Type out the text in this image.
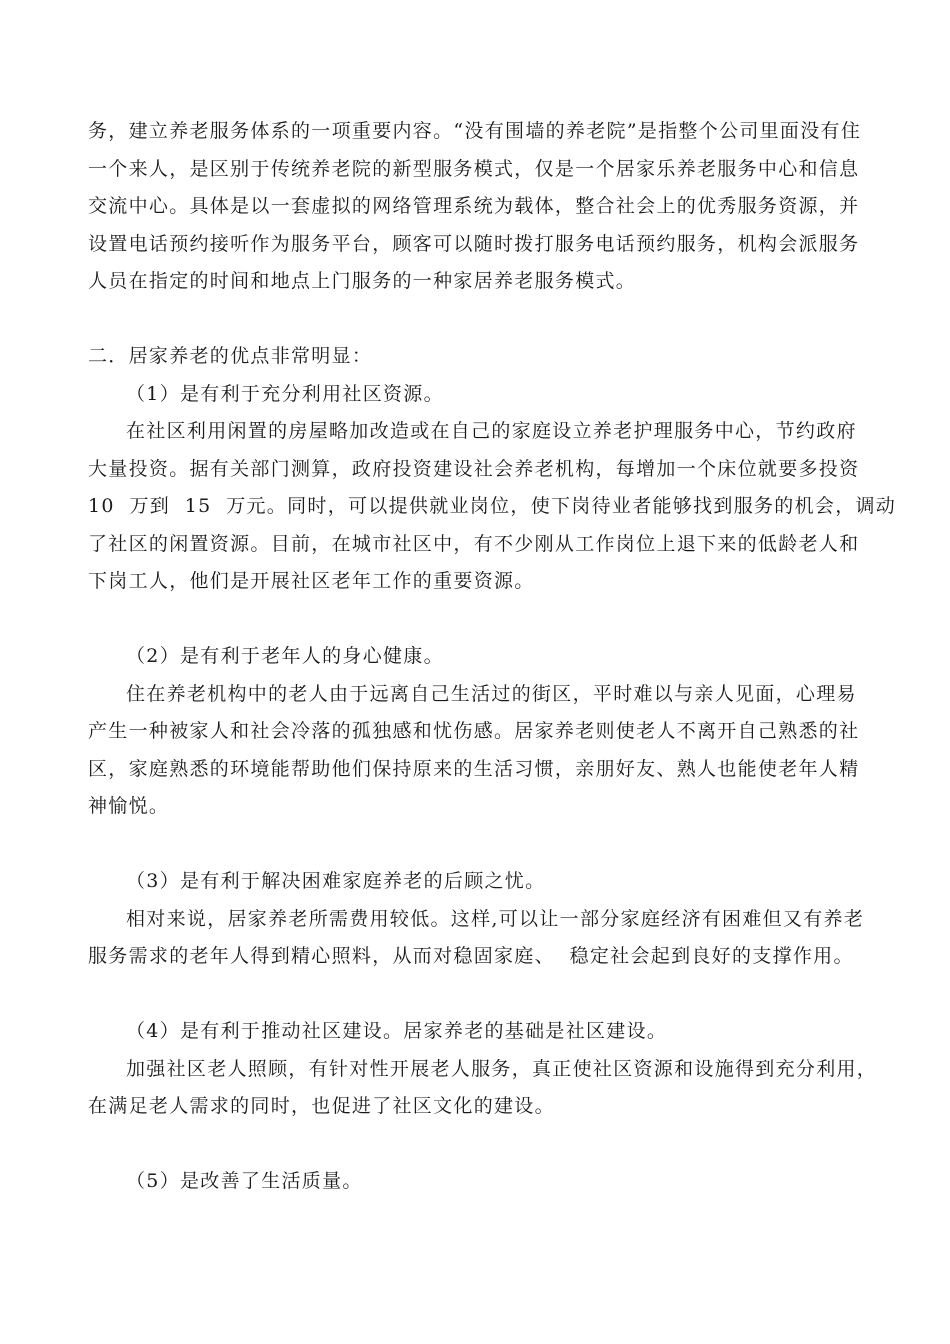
务，建立养老服务体系的一项重要内容。“没有围墙的养老院”是指整个公司里面没有住
一个来人，是区别于传统养老院的新型服务模式，仅是一个居家乐养老服务中心和信息
交流中心。具体是以一套虚拟的网络管理系统为载体，整合社会上的优秀服务资源，并
设置电话预约接听作为服务平台，顾客可以随时拨打服务电话预约服务，机构会派服务
人员在指定的时间和地点上门服务的一种家居养老服务模式。
二．居家养老的优点非常明显：
（1）是有利于充分利用社区资源。
在社区利用闲置的房屋略加改造或在自己的家庭设立养老护理服务中心，节约政府
大量投资。据有关部门测算，政府投资建设社会养老机构，每增加一个床位就要多投资
10  万到  15  万元。同时，可以提供就业岗位，使下岗待业者能够找到服务的机会，调动
了社区的闲置资源。目前，在城市社区中，有不少刚从工作岗位上退下来的低龄老人和
下岗工人，他们是开展社区老年工作的重要资源。
（2）是有利于老年人的身心健康。
住在养老机构中的老人由于远离自己生活过的街区，平时难以与亲人见面，心理易
产生一种被家人和社会冷落的孤独感和忧伤感。居家养老则使老人不离开自己熟悉的社
区，家庭熟悉的环境能帮助他们保持原来的生活习惯，亲朋好友、熟人也能使老年人精
神愉悦。
（3）是有利于解决困难家庭养老的后顾之忧。
相对来说，居家养老所需费用较低。这样,可以让一部分家庭经济有困难但又有养老
服务需求的老年人得到精心照料，从而对稳固家庭、  稳定社会起到良好的支撑作用。
（4）是有利于推动社区建设。居家养老的基础是社区建设。
加强社区老人照顾，有针对性开展老人服务，真正使社区资源和设施得到充分利用，
在满足老人需求的同时，也促进了社区文化的建设。
（5）是改善了生活质量。
